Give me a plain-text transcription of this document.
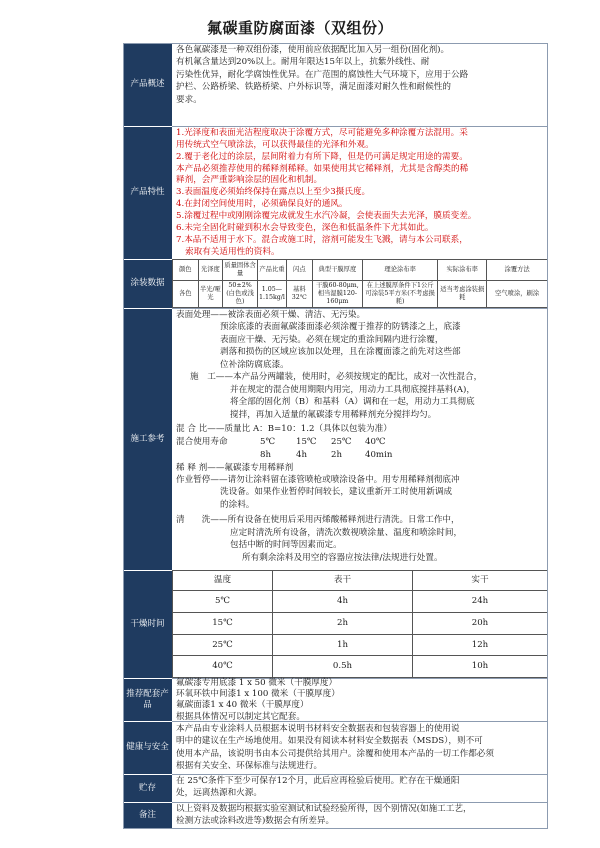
氟碳重防腐面漆（双组份）
产品概述
各色氟碳漆是一种双组份漆，使用前应依据配比加入另一组份(固化剂)。
有机氟含量达到20%以上。耐用年限达15年以上，抗紫外线性、耐
污染性优异，耐化学腐蚀性优异。在广范围的腐蚀性大气环境下，应用于公路
护栏、公路桥梁、铁路桥梁、户外标识等，满足面漆对耐久性和耐候性的
要求。
产品特性
1.光泽度和表面光洁程度取决于涂覆方式，尽可能避免多种涂覆方法混用。采
用传统式空气喷涂法，可以获得最佳的光泽和外观。
2.覆于老化过的涂层，层间附着力有所下降，但是仍可满足规定用途的需要。
本产品必须推荐使用的稀释剂稀释。如果使用其它稀释剂，尤其是含醇类的稀
释剂，会严重影响涂层的固化和机制。
3.表面温度必须始终保持在露点以上至少3摄氏度。
4.在封闭空间使用时，必须确保良好的通风。
5.涂覆过程中或刚刚涂覆完成就发生水汽冷凝，会使表面失去光泽，膜质变差。
6.未完全固化时碰到积水会导致变色，深色和低温条件下尤其如此。
7.本品不适用于水下。混合或施工时，溶剂可能发生飞溅，请与本公司联系，
索取有关适用性的资料。
涂装数据
颜色	光泽度	质量固体含量	产品比重	闪点	典型干膜厚度	理论涂布率	实际涂布率	涂覆方法
各色	半光/哑光	50±2%(白色或浅色)	1.05—1.15kg/l	基料32℃	干膜60-80μm,相当湿膜120-160μm	在上述膜厚条件下1公斤可涂装5平方米(不考虑损耗)	适当考虑涂装损耗	空气喷涂，刷涂
施工参考
表面处理——被涂表面必须干燥、清洁、无污染。
预涂底漆的表面氟碳漆面漆必须涂覆于推荐的防锈漆之上，底漆
表面应干燥、无污染。必须在规定的重涂间隔内进行涂覆，
剥落和损伤的区域应该加以处理，且在涂覆面漆之前先对这些部
位补涂防腐底漆。
施　工——本产品分两罐装，使用时，必须按规定的配比，成对一次性混合，
并在规定的混合使用期限内用完，用动力工具彻底搅拌基料(A)，
将全部的固化剂（B）和基料（A）调和在一起，用动力工具彻底
搅拌，再加入适量的氟碳漆专用稀释剂充分搅拌均匀。
混 合 比——质量比 A：B=10：1.2（具体以包装为准）
混合使用寿命	5℃ 15℃ 25℃ 40℃
8h	4h	2h	40min
稀 释 剂——氟碳漆专用稀释剂
作业暂停——请勿让涂料留在漆管喷枪或喷涂设备中。用专用稀释剂彻底冲
洗设备。如果作业暂停时间较长，建议重新开工时使用新调成
的涂料。
清　　洗——所有设备在使用后采用丙烯酸稀释剂进行清洗。日常工作中，
应定时清洗所有设备，清洗次数视喷涂量、温度和喷涂时间，
包括中断的时间等因素而定。
所有剩余涂料及用空的容器应按法律/法规进行处置。
干燥时间
温度	表干	实干
5℃	4h	24h
15℃	2h	20h
25℃	1h	12h
40℃	0.5h	10h
推荐配套产品
氟碳漆专用底漆 1 x 50 微米（干膜厚度）
环氧环铁中间漆1 x 100 微米（干膜厚度）
氟碳面漆1 x 40 微米（干膜厚度）
根据具体情况可以制定其它配套。
健康与安全
本产品由专业涂料人员根据本说明书材料安全数据表和包装容器上的使用说
明中的建议在生产场地使用。如果没有阅读本材料安全数据表（MSDS），则不可
使用本产品，该说明书由本公司提供给其用户。涂覆和使用本产品的一切工作都必须
根据有关安全、环保标准与法规进行。
贮存
在 25℃条件下至少可保存12个月，此后应再检验后使用。贮存在干燥通阳
处，远离热源和火源。
备注
以上资料及数据均根据实验室测试和试验经验所得，因个别情况(如施工工艺，
检测方法或涂料改进等)数据会有所差异。
